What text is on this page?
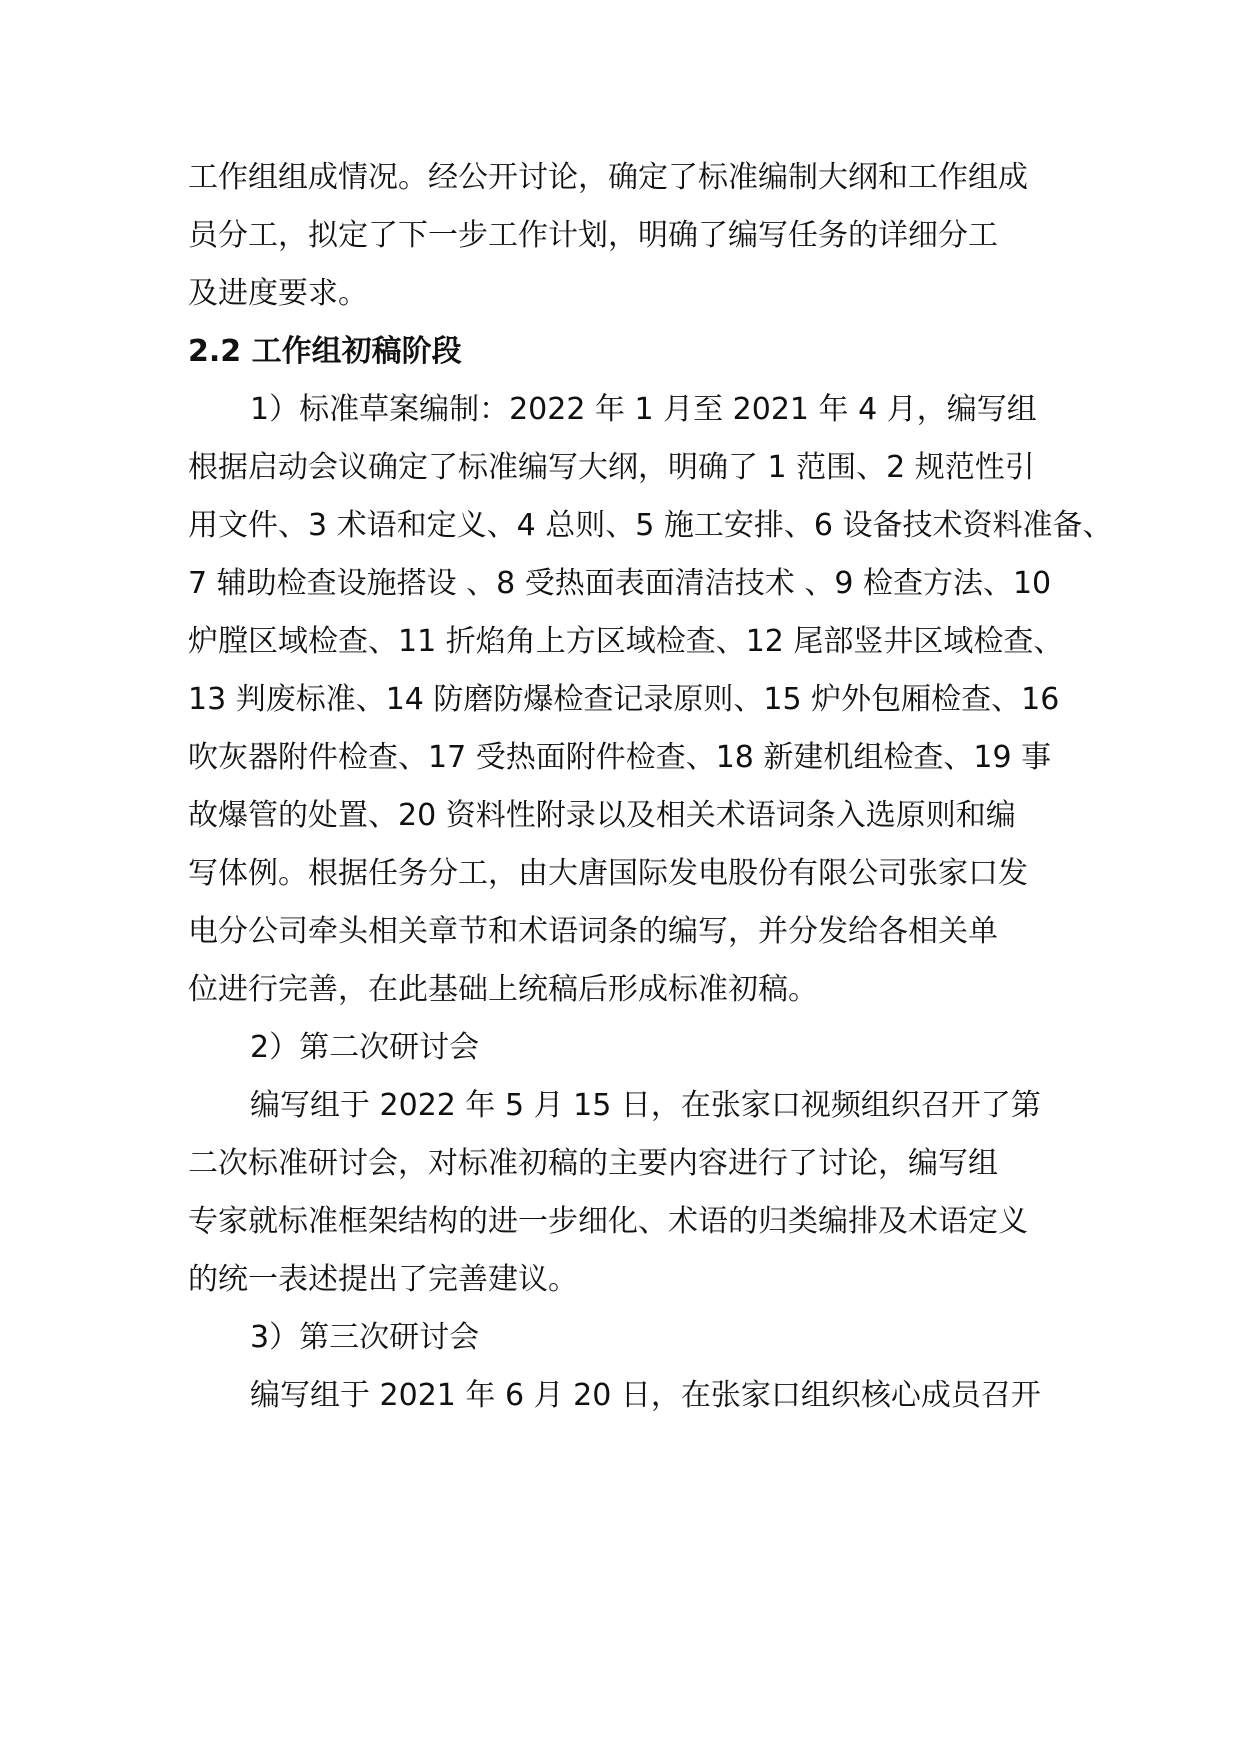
工作组组成情况。经公开讨论，确定了标准编制大纲和工作组成
员分工，拟定了下一步工作计划，明确了编写任务的详细分工
及进度要求。
2.2 工作组初稿阶段
1）标准草案编制：2022 年 1 月至 2021 年 4 月，编写组
根据启动会议确定了标准编写大纲，明确了 1 范围、2 规范性引
用文件、3 术语和定义、4 总则、5 施工安排、6 设备技术资料准备、
7 辅助检查设施搭设 、8 受热面表面清洁技术 、9 检查方法、10
炉膛区域检查、11 折焰角上方区域检查、12 尾部竖井区域检查、
13 判废标准、14 防磨防爆检查记录原则、15 炉外包厢检查、16
吹灰器附件检查、17 受热面附件检查、18 新建机组检查、19 事
故爆管的处置、20 资料性附录以及相关术语词条入选原则和编
写体例。根据任务分工，由大唐国际发电股份有限公司张家口发
电分公司牵头相关章节和术语词条的编写，并分发给各相关单
位进行完善，在此基础上统稿后形成标准初稿。
2）第二次研讨会
编写组于 2022 年 5 月 15 日，在张家口视频组织召开了第
二次标准研讨会，对标准初稿的主要内容进行了讨论，编写组
专家就标准框架结构的进一步细化、术语的归类编排及术语定义
的统一表述提出了完善建议。
3）第三次研讨会
编写组于 2021 年 6 月 20 日，在张家口组织核心成员召开
